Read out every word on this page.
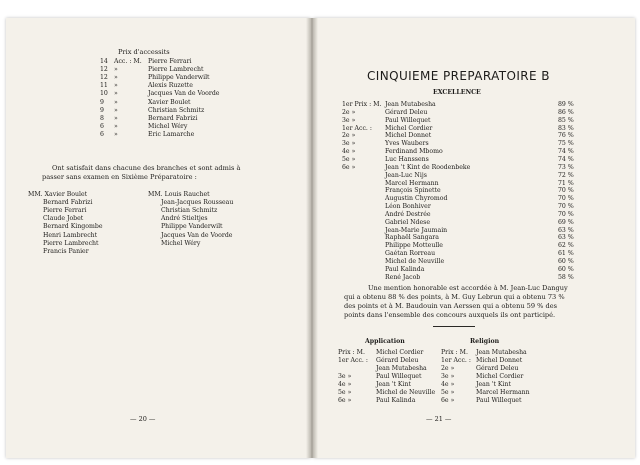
Prix d'accessits
14 Acc. : M. Pierre Ferrari
12 »	Pierre Lambrecht
12 »	Philippe Vanderwilt
11 »	Alexis Ruzette
10 »	Jacques Van de Voorde
9 »	Xavier Boulet
9 »	Christian Schmitz
8 »	Bernard Fabrizi
6 »	Michel Wéry
6 »	Eric Lamarche
Ont satisfait dans chacune des branches et sont admis à
passer sans examen en Sixième Préparatoire :
MM. Xavier Boulet
Bernard Fabrizi
Pierre Ferrari
Claude Jobet
Bernard Kingombe
Henri Lambrecht
Pierre Lambrecht
Francis Panier
MM. Louis Rauchet
Jean-Jacques Rousseau
Christian Schmitz
André Stieltjes
Philippe Vanderwilt
Jacques Van de Voorde
Michel Wéry
— 20 —
CINQUIEME PREPARATOIRE B
EXCELLENCE
1er Prix : M. Jean Mutabesha	89 %
2e »	Gérard Deleu	86 %
3e »	Paul Willequet	85 %
1er Acc. : Michel Cordier	83 %
2e »	Michel Donnet	76 %
3e »	Yves Waubers	75 %
4e »	Ferdinand Mbomo	74 %
5e »	Luc Hanssens	74 %
6e »	Jean 't Kint de Roodenbeke	73 %
Jean-Luc Nijs	72 %
Marcel Hermann	71 %
François Spinette	70 %
Augustin Chyromod	70 %
Léon Bonhiver	70 %
André Destrée	70 %
Gabriel Ndese	69 %
Jean-Marie Jaumain	63 %
Raphaël Sangara	63 %
Philippe Motteulle	62 %
Gaétan Rorreau	61 %
Michel de Neuville	60 %
Paul Kalinda	60 %
René Jacob	58 %
Une mention honorable est accordée à M. Jean-Luc Danguy
qui a obtenu 88 % des points, à M. Guy Lebrun qui a obtenu 73 %
des points et à M. Baudouin van Aerssen qui a obtenu 59 % des
points dans l'ensemble des concours auxquels ils ont participé.
Application	Religion
Prix : M. Michel Cordier
1er Acc. : Gérard Deleu
Jean Mutabesha
3e »	Paul Willequet
4e »	Jean 't Kint
5e »	Michel de Neuville
6e »	Paul Kalinda
Prix : M. Jean Mutabesha
1er Acc. : Michel Donnet
2e »	Gérard Deleu
3e »	Michel Cordier
4e »	Jean 't Kint
5e »	Marcel Hermann
6e »	Paul Willequet
— 21 —
